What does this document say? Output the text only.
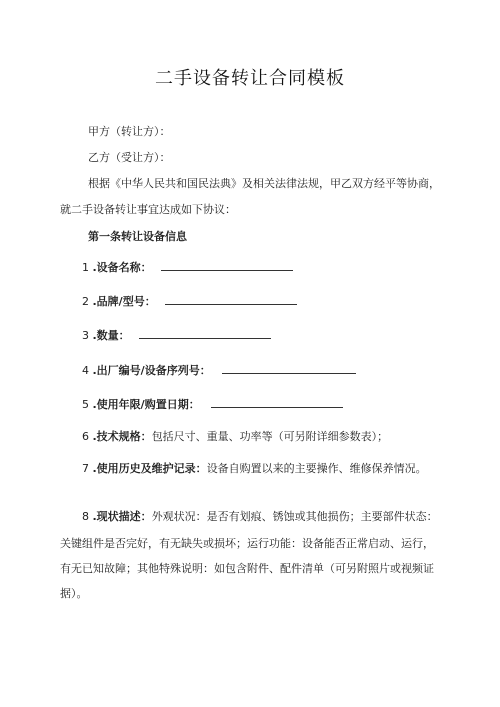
二手设备转让合同模板
甲方（转让方）：
乙方（受让方）：
根据《中华人民共和国民法典》及相关法律法规，甲乙双方经平等协商，
就二手设备转让事宜达成如下协议：
第一条转让设备信息
1 .设备名称：
2 .品牌/型号：
3 .数量：
4 .出厂编号/设备序列号：
5 .使用年限/购置日期：
6 .技术规格：包括尺寸、重量、功率等（可另附详细参数表）；
7 .使用历史及维护记录：设备自购置以来的主要操作、维修保养情况。
8 .现状描述：外观状况：是否有划痕、锈蚀或其他损伤；主要部件状态：
关键组件是否完好，有无缺失或损坏；运行功能：设备能否正常启动、运行，
有无已知故障；其他特殊说明：如包含附件、配件清单（可另附照片或视频证
据）。
